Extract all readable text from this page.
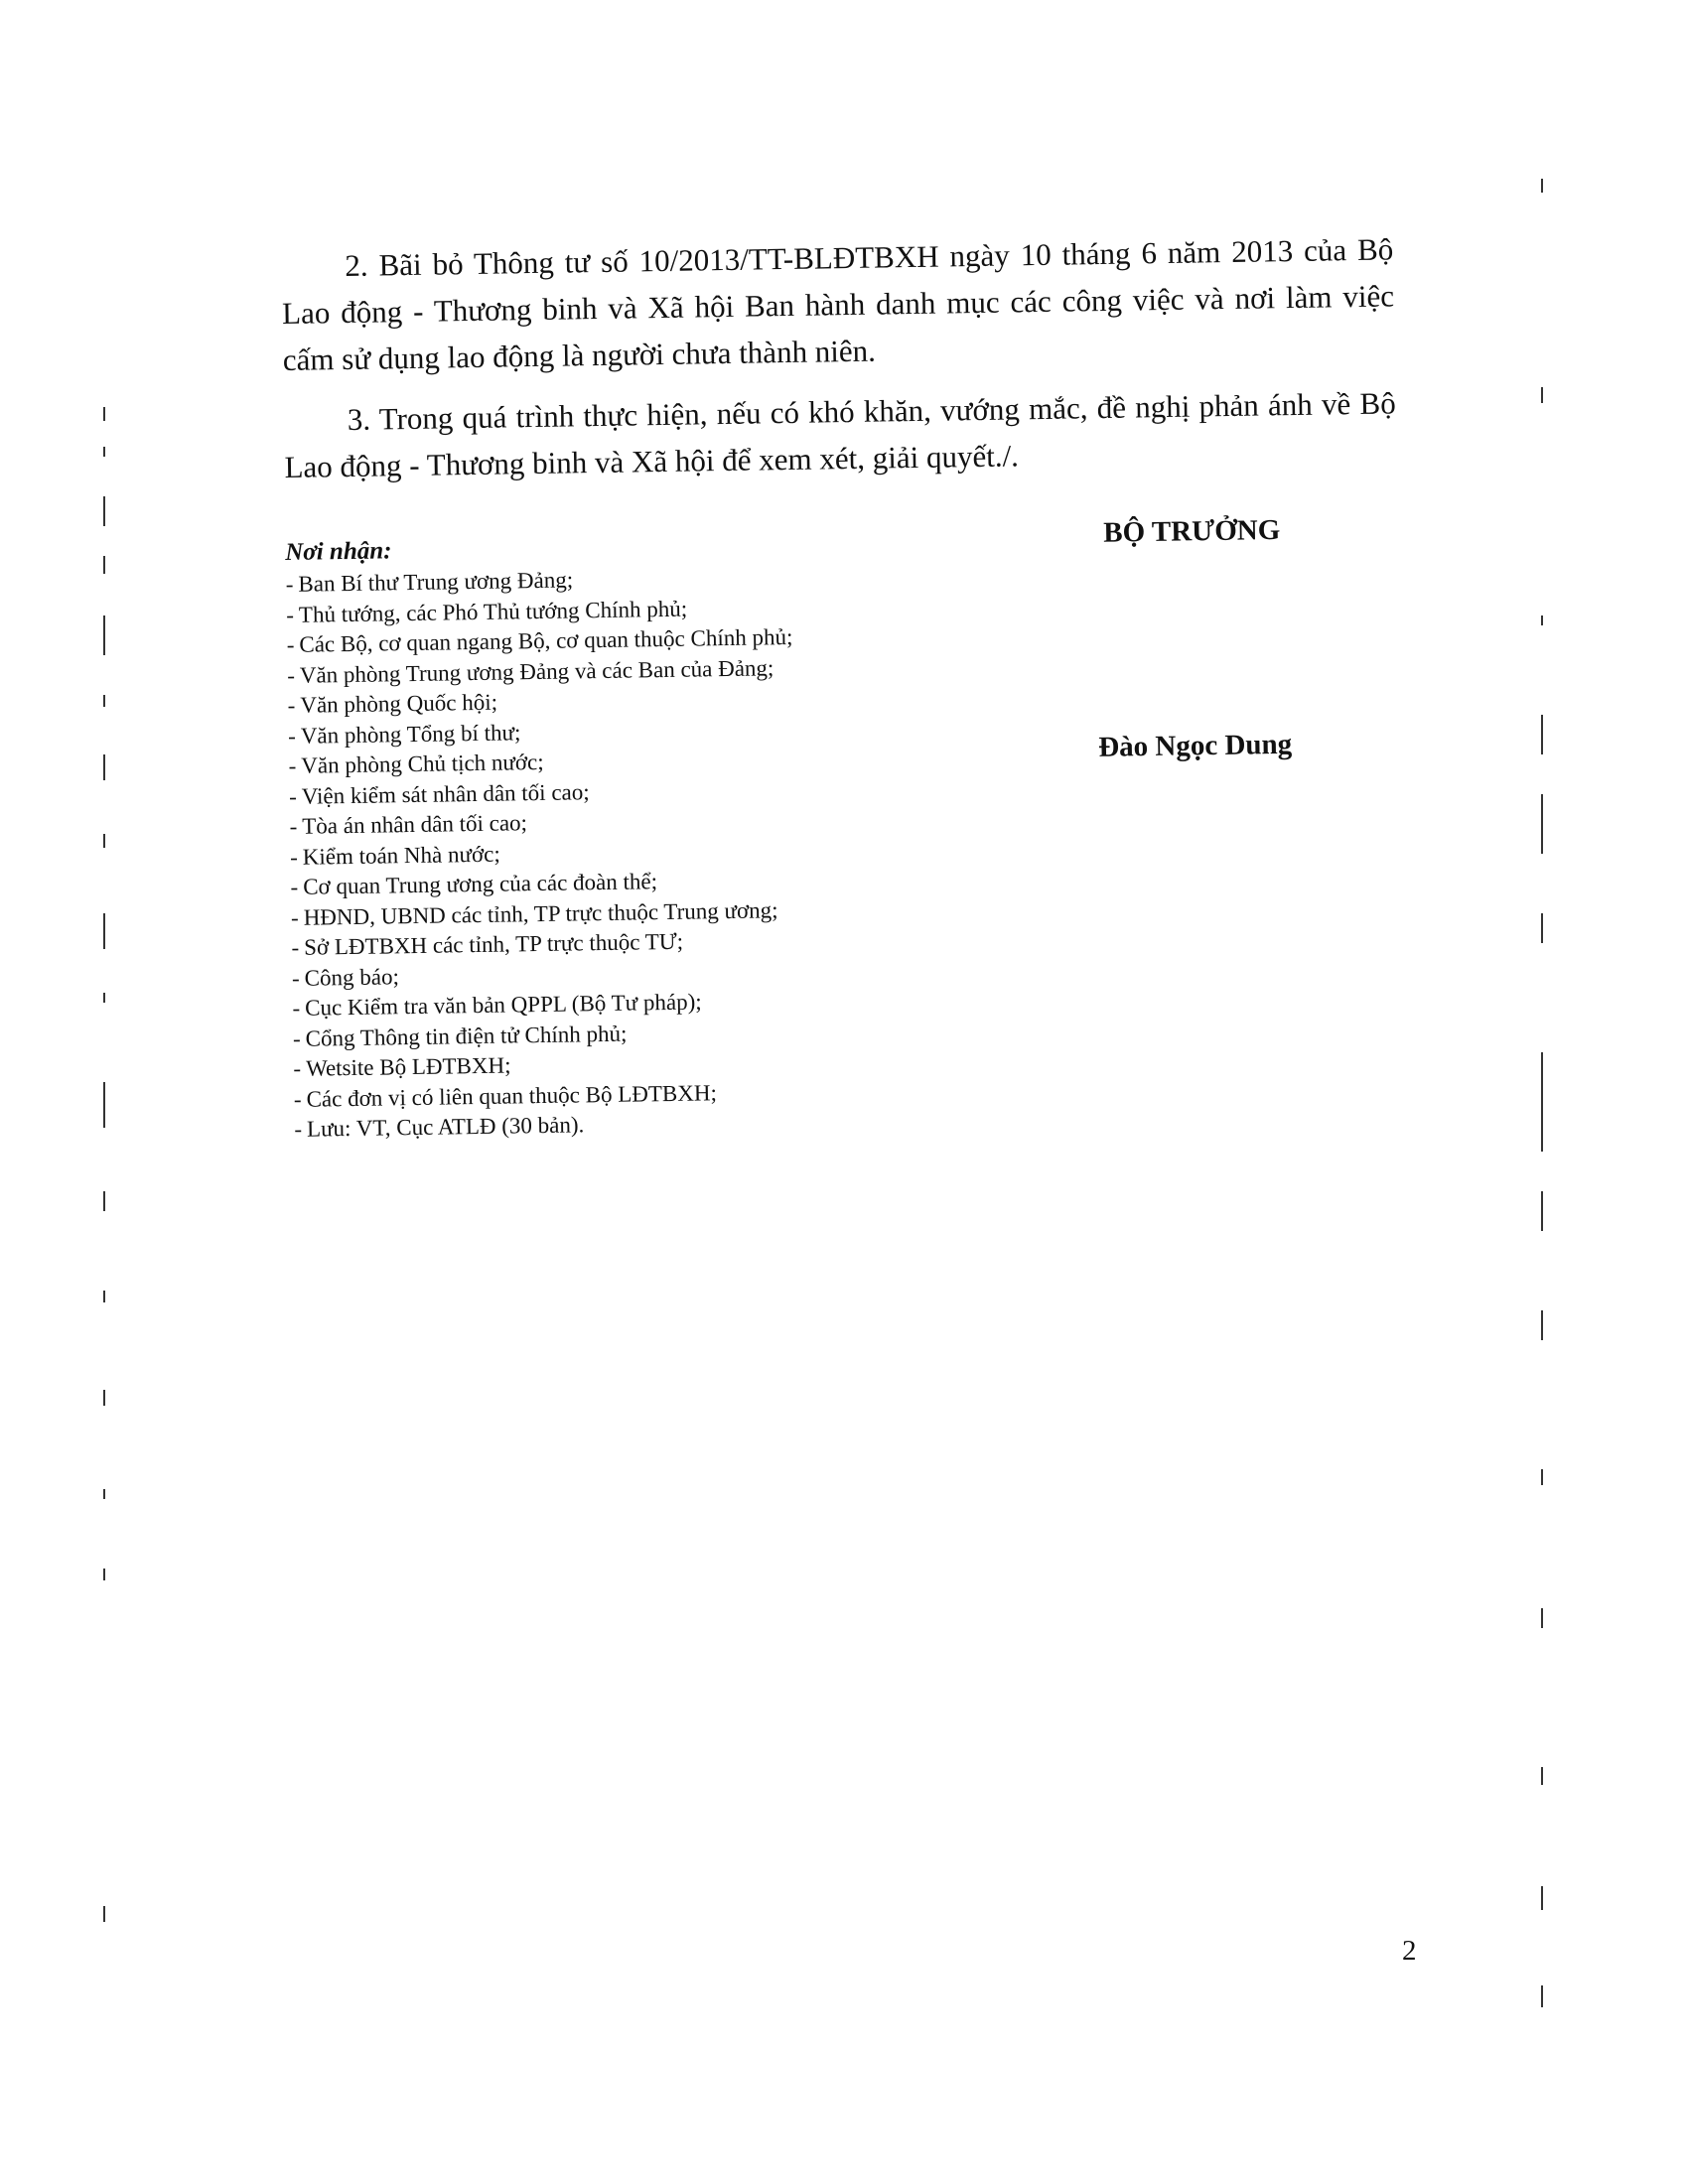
2. Bãi bỏ Thông tư số 10/2013/TT-BLĐTBXH ngày 10 tháng 6 năm 2013 của Bộ Lao động - Thương binh và Xã hội Ban hành danh mục các công việc và nơi làm việc cấm sử dụng lao động là người chưa thành niên.

3. Trong quá trình thực hiện, nếu có khó khăn, vướng mắc, đề nghị phản ánh về Bộ Lao động - Thương binh và Xã hội để xem xét, giải quyết./.

Nơi nhận:
- Ban Bí thư Trung ương Đảng;
- Thủ tướng, các Phó Thủ tướng Chính phủ;
- Các Bộ, cơ quan ngang Bộ, cơ quan thuộc Chính phủ;
- Văn phòng Trung ương Đảng và các Ban của Đảng;
- Văn phòng Quốc hội;
- Văn phòng Tổng bí thư;
- Văn phòng Chủ tịch nước;
- Viện kiểm sát nhân dân tối cao;
- Tòa án nhân dân tối cao;
- Kiểm toán Nhà nước;
- Cơ quan Trung ương của các đoàn thể;
- HĐND, UBND các tỉnh, TP trực thuộc Trung ương;
- Sở LĐTBXH các tỉnh, TP trực thuộc TƯ;
- Công báo;
- Cục Kiểm tra văn bản QPPL (Bộ Tư pháp);
- Cổng Thông tin điện tử Chính phủ;
- Wetsite Bộ LĐTBXH;
- Các đơn vị có liên quan thuộc Bộ LĐTBXH;
- Lưu: VT, Cục ATLĐ (30 bản).
BỘ TRƯỞNG
Đào Ngọc Dung
2
